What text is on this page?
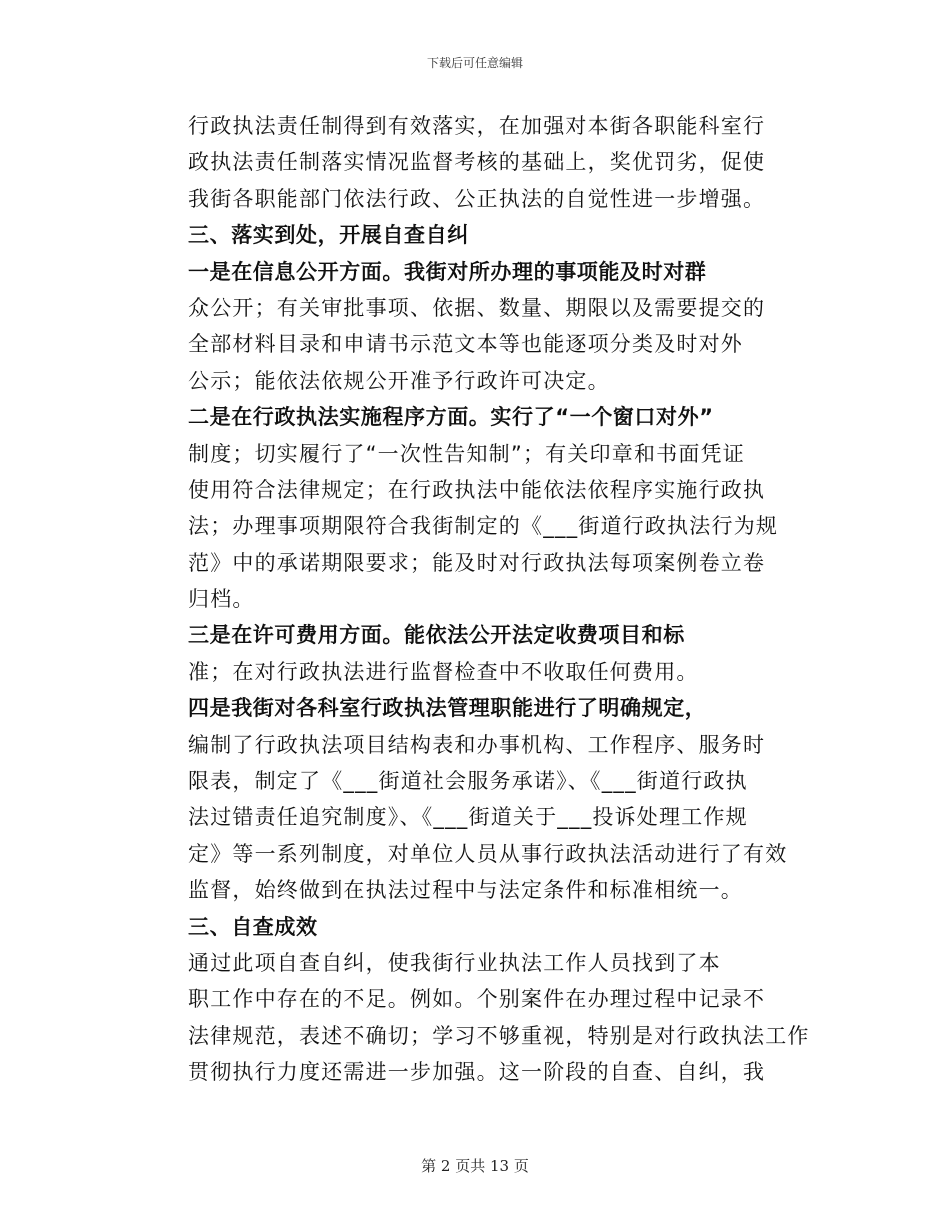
下载后可任意编辑
行政执法责任制得到有效落实，在加强对本街各职能科室行
政执法责任制落实情况监督考核的基础上，奖优罚劣，促使
我街各职能部门依法行政、公正执法的自觉性进一步增强。
三、落实到处，开展自查自纠
一是在信息公开方面。我街对所办理的事项能及时对群
众公开；有关审批事项、依据、数量、期限以及需要提交的
全部材料目录和申请书示范文本等也能逐项分类及时对外
公示；能依法依规公开准予行政许可决定。
二是在行政执法实施程序方面。实行了“一个窗口对外”
制度；切实履行了“一次性告知制”；有关印章和书面凭证
使用符合法律规定；在行政执法中能依法依程序实施行政执
法；办理事项期限符合我街制定的《___街道行政执法行为规
范》中的承诺期限要求；能及时对行政执法每项案例卷立卷
归档。
三是在许可费用方面。能依法公开法定收费项目和标
准；在对行政执法进行监督检查中不收取任何费用。
四是我街对各科室行政执法管理职能进行了明确规定，
编制了行政执法项目结构表和办事机构、工作程序、服务时
限表，制定了《___街道社会服务承诺》、《___街道行政执
法过错责任追究制度》、《___街道关于___投诉处理工作规
定》等一系列制度，对单位人员从事行政执法活动进行了有效
监督，始终做到在执法过程中与法定条件和标准相统一。
三、自查成效
通过此项自查自纠，使我街行业执法工作人员找到了本
职工作中存在的不足。例如。个别案件在办理过程中记录不
法律规范，表述不确切；学习不够重视，特别是对行政执法工作
贯彻执行力度还需进一步加强。这一阶段的自查、自纠，我
第 2 页共 13 页
